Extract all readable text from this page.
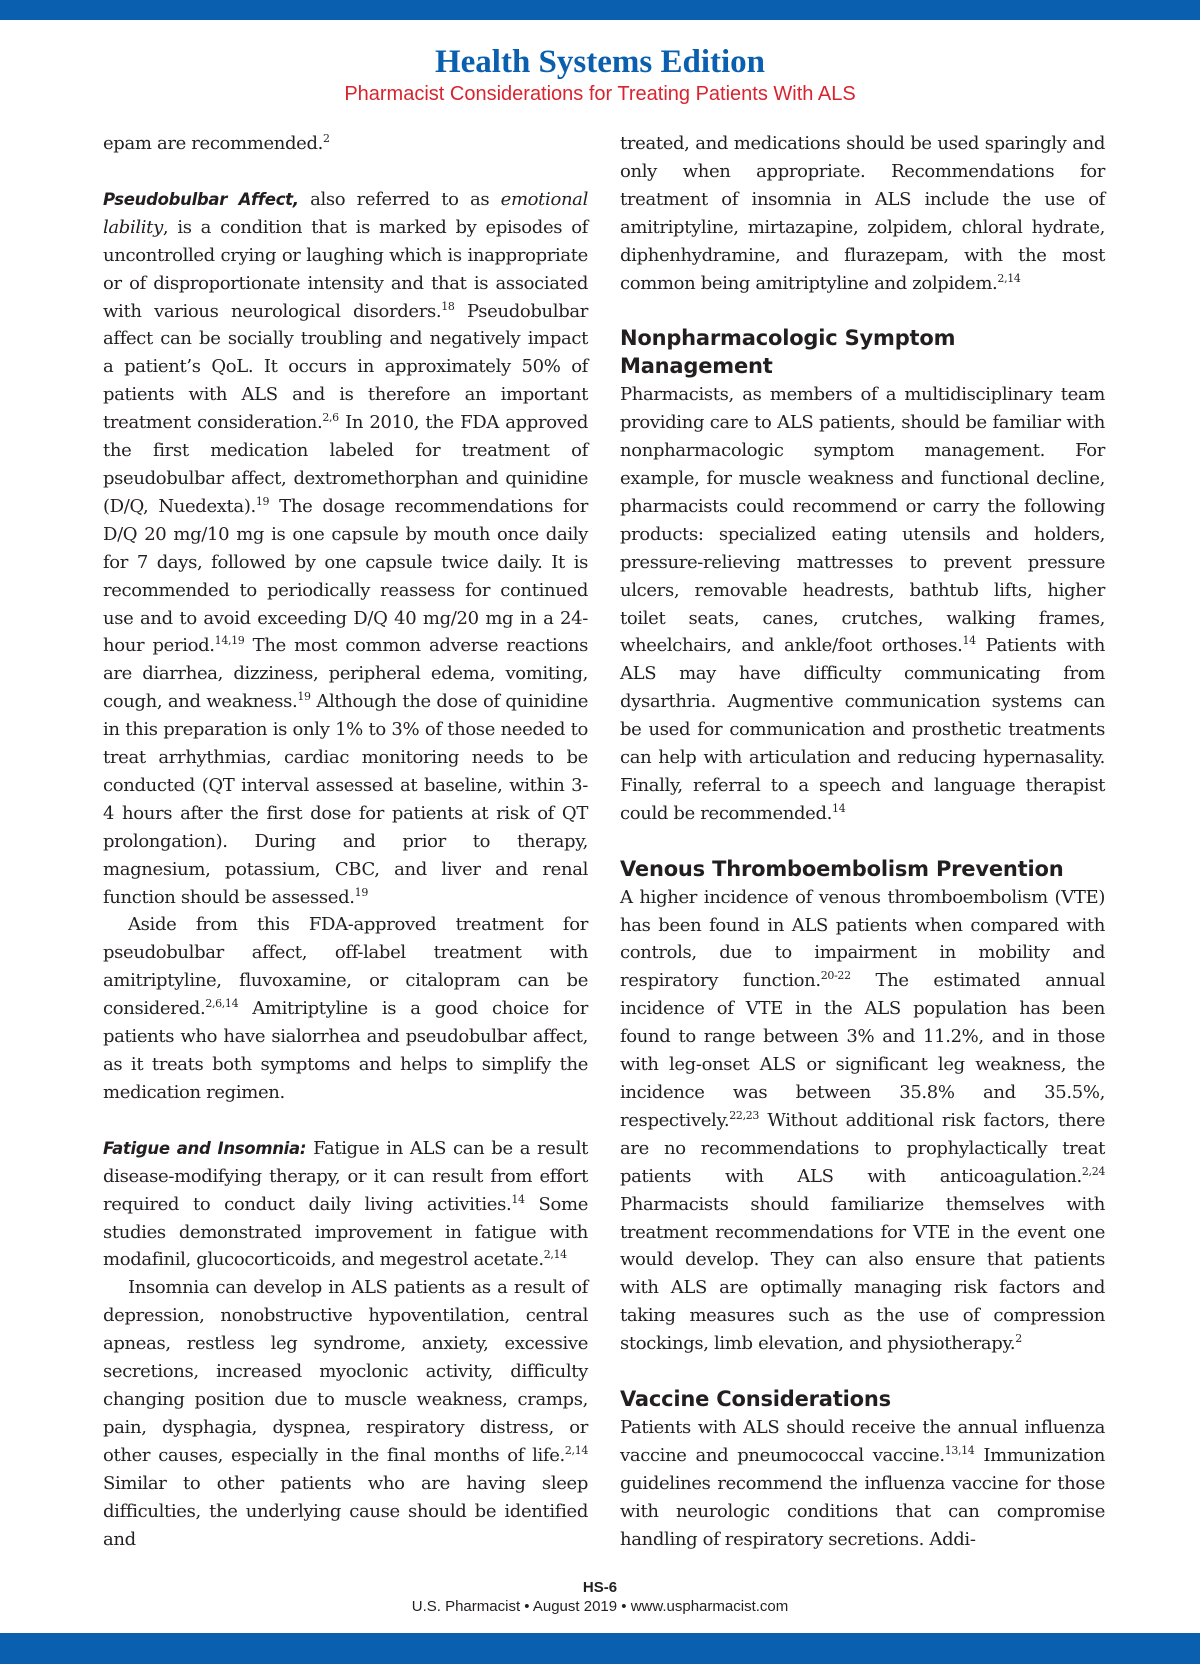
Health Systems Edition
Pharmacist Considerations for Treating Patients With ALS

epam are recommended.$^2$

Pseudobulbar Affect, also referred to as emotional lability, is a condition that is marked by episodes of uncontrolled crying or laughing which is inappropriate or of disproportionate intensity and that is associated with various neurological disorders.$^{18}$ Pseudobulbar affect can be socially troubling and negatively impact a patient’s QoL. It occurs in approximately 50% of patients with ALS and is therefore an important treatment consideration.$^{2,6}$ In 2010, the FDA approved the first medication labeled for treatment of pseudobulbar affect, dextromethorphan and quinidine (D/Q, Nuedexta).$^{19}$ The dosage recommendations for D/Q 20 mg/10 mg is one capsule by mouth once daily for 7 days, followed by one capsule twice daily. It is recommended to periodically reassess for continued use and to avoid exceeding D/Q 40 mg/20 mg in a 24-hour period.$^{14,19}$ The most common adverse reactions are diarrhea, dizziness, peripheral edema, vomiting, cough, and weakness.$^{19}$ Although the dose of quinidine in this preparation is only 1% to 3% of those needed to treat arrhythmias, cardiac monitoring needs to be conducted (QT interval assessed at baseline, within 3-4 hours after the first dose for patients at risk of QT prolongation). During and prior to therapy, magnesium, potassium, CBC, and liver and renal function should be assessed.$^{19}$

Aside from this FDA-approved treatment for pseudobulbar affect, off-label treatment with amitriptyline, fluvoxamine, or citalopram can be considered.$^{2,6,14}$ Amitriptyline is a good choice for patients who have sialorrhea and pseudobulbar affect, as it treats both symptoms and helps to simplify the medication regimen.

Fatigue and Insomnia: Fatigue in ALS can be a result disease-modifying therapy, or it can result from effort required to conduct daily living activities.$^{14}$ Some studies demonstrated improvement in fatigue with modafinil, glucocorticoids, and megestrol acetate.$^{2,14}$

Insomnia can develop in ALS patients as a result of depression, nonobstructive hypoventilation, central apneas, restless leg syndrome, anxiety, excessive secretions, increased myoclonic activity, difficulty changing position due to muscle weakness, cramps, pain, dysphagia, dyspnea, respiratory distress, or other causes, especially in the final months of life.$^{2,14}$ Similar to other patients who are having sleep difficulties, the underlying cause should be identified and

treated, and medications should be used sparingly and only when appropriate. Recommendations for treatment of insomnia in ALS include the use of amitriptyline, mirtazapine, zolpidem, chloral hydrate, diphenhydramine, and flurazepam, with the most common being amitriptyline and zolpidem.$^{2,14}$

Nonpharmacologic Symptom Management

Pharmacists, as members of a multidisciplinary team providing care to ALS patients, should be familiar with nonpharmacologic symptom management. For example, for muscle weakness and functional decline, pharmacists could recommend or carry the following products: specialized eating utensils and holders, pressure-relieving mattresses to prevent pressure ulcers, removable headrests, bathtub lifts, higher toilet seats, canes, crutches, walking frames, wheelchairs, and ankle/foot orthoses.$^{14}$ Patients with ALS may have difficulty communicating from dysarthria. Augmentive communication systems can be used for communication and prosthetic treatments can help with articulation and reducing hypernasality. Finally, referral to a speech and language therapist could be recommended.$^{14}$

Venous Thromboembolism Prevention

A higher incidence of venous thromboembolism (VTE) has been found in ALS patients when compared with controls, due to impairment in mobility and respiratory function.$^{20-22}$ The estimated annual incidence of VTE in the ALS population has been found to range between 3% and 11.2%, and in those with leg-onset ALS or significant leg weakness, the incidence was between 35.8% and 35.5%, respectively.$^{22,23}$ Without additional risk factors, there are no recommendations to prophylactically treat patients with ALS with anticoagulation.$^{2,24}$ Pharmacists should familiarize themselves with treatment recommendations for VTE in the event one would develop. They can also ensure that patients with ALS are optimally managing risk factors and taking measures such as the use of compression stockings, limb elevation, and physiotherapy.$^2$

Vaccine Considerations

Patients with ALS should receive the annual influenza vaccine and pneumococcal vaccine.$^{13,14}$ Immunization guidelines recommend the influenza vaccine for those with neurologic conditions that can compromise handling of respiratory secretions. Addi-

HS-6
U.S. Pharmacist • August 2019 • www.uspharmacist.com
